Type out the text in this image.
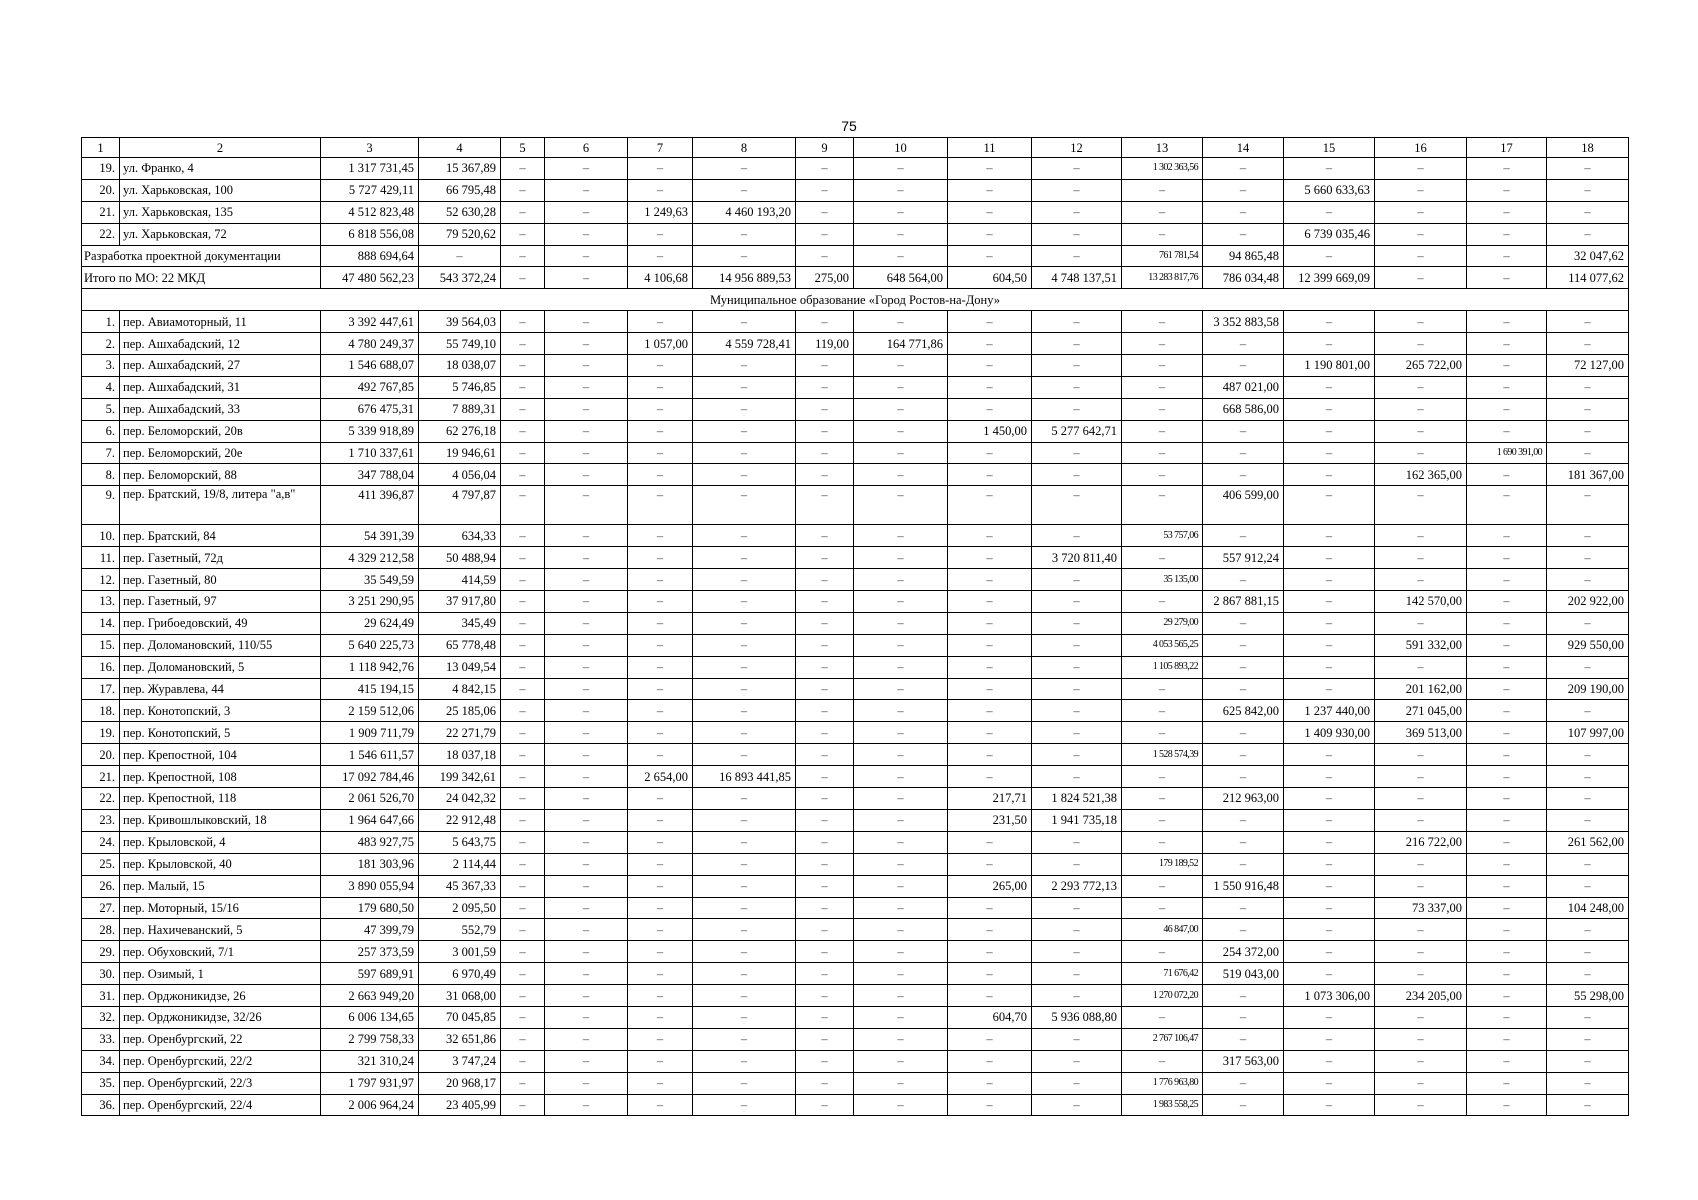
75
1	2	3	4	5	6	7	8	9	10	11	12	13	14	15	16	17	18
19.	ул. Франко, 4	1 317 731,45	15 367,89	–	–	–	–	–	–	–	–	1 302 363,56	–	–	–	–	–
20.	ул. Харьковская, 100	5 727 429,11	66 795,48	–	–	–	–	–	–	–	–	–	–	5 660 633,63	–	–	–
21.	ул. Харьковская, 135	4 512 823,48	52 630,28	–	–	1 249,63	4 460 193,20	–	–	–	–	–	–	–	–	–	–
22.	ул. Харьковская, 72	6 818 556,08	79 520,62	–	–	–	–	–	–	–	–	–	–	6 739 035,46	–	–	–
Разработка проектной документации		888 694,64	–	–	–	–	–	–	–	–	–	761 781,54	94 865,48	–	–	–	32 047,62
Итого по МО: 22 МКД		47 480 562,23	543 372,24	–	–	4 106,68	14 956 889,53	275,00	648 564,00	604,50	4 748 137,51	13 283 817,76	786 034,48	12 399 669,09	–	–	114 077,62
Муниципальное образование «Город Ростов-на-Дону»																	
1.	пер. Авиамоторный, 11	3 392 447,61	39 564,03	–	–	–	–	–	–	–	–	–	3 352 883,58	–	–	–	–
2.	пер. Ашхабадский, 12	4 780 249,37	55 749,10	–	–	1 057,00	4 559 728,41	119,00	164 771,86	–	–	–	–	–	–	–	–
3.	пер. Ашхабадский, 27	1 546 688,07	18 038,07	–	–	–	–	–	–	–	–	–	–	1 190 801,00	265 722,00	–	72 127,00
4.	пер. Ашхабадский, 31	492 767,85	5 746,85	–	–	–	–	–	–	–	–	–	487 021,00	–	–	–	–
5.	пер. Ашхабадский, 33	676 475,31	7 889,31	–	–	–	–	–	–	–	–	–	668 586,00	–	–	–	–
6.	пер. Беломорский, 20в	5 339 918,89	62 276,18	–	–	–	–	–	–	1 450,00	5 277 642,71	–	–	–	–	–	–
7.	пер. Беломорский, 20е	1 710 337,61	19 946,61	–	–	–	–	–	–	–	–	–	–	–	–	1 690 391,00	–
8.	пер. Беломорский, 88	347 788,04	4 056,04	–	–	–	–	–	–	–	–	–	–	–	162 365,00	–	181 367,00
9.	пер. Братский, 19/8, литера "а,в"	411 396,87	4 797,87	–	–	–	–	–	–	–	–	–	406 599,00	–	–	–	–
10.	пер. Братский, 84	54 391,39	634,33	–	–	–	–	–	–	–	–	53 757,06	–	–	–	–	–
11.	пер. Газетный, 72д	4 329 212,58	50 488,94	–	–	–	–	–	–	–	3 720 811,40	–	557 912,24	–	–	–	–
12.	пер. Газетный, 80	35 549,59	414,59	–	–	–	–	–	–	–	–	35 135,00	–	–	–	–	–
13.	пер. Газетный, 97	3 251 290,95	37 917,80	–	–	–	–	–	–	–	–	–	2 867 881,15	–	142 570,00	–	202 922,00
14.	пер. Грибоедовский, 49	29 624,49	345,49	–	–	–	–	–	–	–	–	29 279,00	–	–	–	–	–
15.	пер. Доломановский, 110/55	5 640 225,73	65 778,48	–	–	–	–	–	–	–	–	4 053 565,25	–	–	591 332,00	–	929 550,00
16.	пер. Доломановский, 5	1 118 942,76	13 049,54	–	–	–	–	–	–	–	–	1 105 893,22	–	–	–	–	–
17.	пер. Журавлева, 44	415 194,15	4 842,15	–	–	–	–	–	–	–	–	–	–	–	201 162,00	–	209 190,00
18.	пер. Конотопский, 3	2 159 512,06	25 185,06	–	–	–	–	–	–	–	–	–	625 842,00	1 237 440,00	271 045,00	–	–
19.	пер. Конотопский, 5	1 909 711,79	22 271,79	–	–	–	–	–	–	–	–	–	–	1 409 930,00	369 513,00	–	107 997,00
20.	пер. Крепостной, 104	1 546 611,57	18 037,18	–	–	–	–	–	–	–	–	1 528 574,39	–	–	–	–	–
21.	пер. Крепостной, 108	17 092 784,46	199 342,61	–	–	2 654,00	16 893 441,85	–	–	–	–	–	–	–	–	–	–
22.	пер. Крепостной, 118	2 061 526,70	24 042,32	–	–	–	–	–	–	217,71	1 824 521,38	–	212 963,00	–	–	–	–
23.	пер. Кривошлыковский, 18	1 964 647,66	22 912,48	–	–	–	–	–	–	231,50	1 941 735,18	–	–	–	–	–	–
24.	пер. Крыловской, 4	483 927,75	5 643,75	–	–	–	–	–	–	–	–	–	–	–	216 722,00	–	261 562,00
25.	пер. Крыловской, 40	181 303,96	2 114,44	–	–	–	–	–	–	–	–	179 189,52	–	–	–	–	–
26.	пер. Малый, 15	3 890 055,94	45 367,33	–	–	–	–	–	–	265,00	2 293 772,13	–	1 550 916,48	–	–	–	–
27.	пер. Моторный, 15/16	179 680,50	2 095,50	–	–	–	–	–	–	–	–	–	–	–	73 337,00	–	104 248,00
28.	пер. Нахичеванский, 5	47 399,79	552,79	–	–	–	–	–	–	–	–	46 847,00	–	–	–	–	–
29.	пер. Обуховский, 7/1	257 373,59	3 001,59	–	–	–	–	–	–	–	–	–	254 372,00	–	–	–	–
30.	пер. Озимый, 1	597 689,91	6 970,49	–	–	–	–	–	–	–	–	71 676,42	519 043,00	–	–	–	–
31.	пер. Орджоникидзе, 26	2 663 949,20	31 068,00	–	–	–	–	–	–	–	–	1 270 072,20	–	1 073 306,00	234 205,00	–	55 298,00
32.	пер. Орджоникидзе, 32/26	6 006 134,65	70 045,85	–	–	–	–	–	–	604,70	5 936 088,80	–	–	–	–	–	–
33.	пер. Оренбургский, 22	2 799 758,33	32 651,86	–	–	–	–	–	–	–	–	2 767 106,47	–	–	–	–	–
34.	пер. Оренбургский, 22/2	321 310,24	3 747,24	–	–	–	–	–	–	–	–	–	317 563,00	–	–	–	–
35.	пер. Оренбургский, 22/3	1 797 931,97	20 968,17	–	–	–	–	–	–	–	–	1 776 963,80	–	–	–	–	–
36.	пер. Оренбургский, 22/4	2 006 964,24	23 405,99	–	–	–	–	–	–	–	–	1 983 558,25	–	–	–	–	–
